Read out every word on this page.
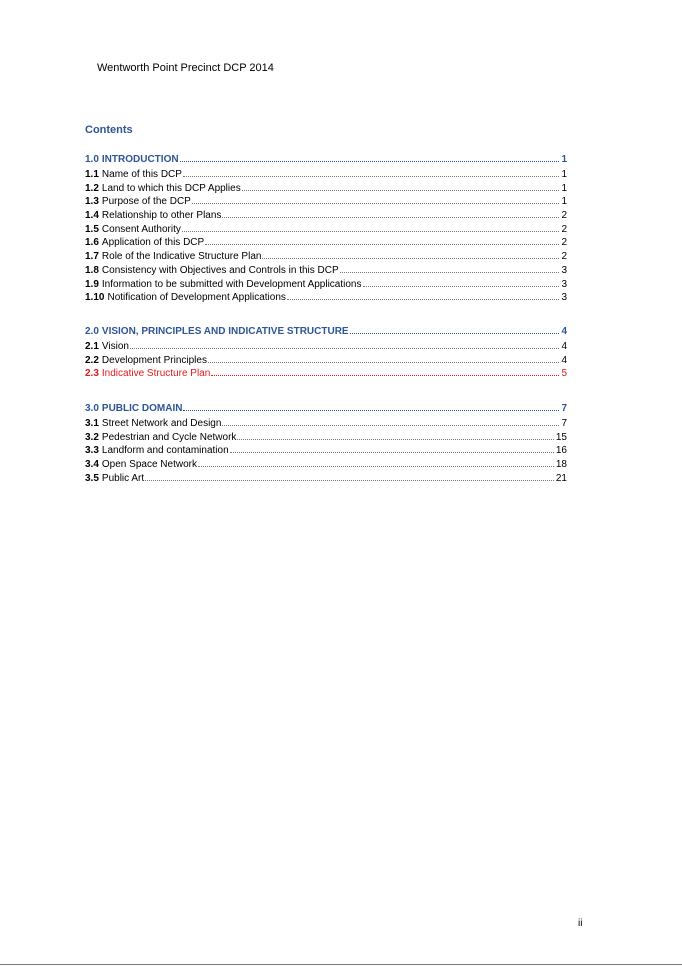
Wentworth Point Precinct DCP 2014
Contents
1.0 INTRODUCTION	1
1.1 Name of this DCP	1
1.2 Land to which this DCP Applies	1
1.3 Purpose of the DCP	1
1.4 Relationship to other Plans	2
1.5 Consent Authority	2
1.6 Application of this DCP	2
1.7 Role of the Indicative Structure Plan	2
1.8 Consistency with Objectives and Controls in this DCP	3
1.9 Information to be submitted with Development Applications	3
1.10 Notification of Development Applications	3
2.0 VISION, PRINCIPLES AND INDICATIVE STRUCTURE	4
2.1 Vision	4
2.2 Development Principles	4
2.3 Indicative Structure Plan	5
3.0 PUBLIC DOMAIN	7
3.1 Street Network and Design	7
3.2 Pedestrian and Cycle Network	15
3.3 Landform and contamination	16
3.4 Open Space Network	18
3.5 Public Art	21
ii
